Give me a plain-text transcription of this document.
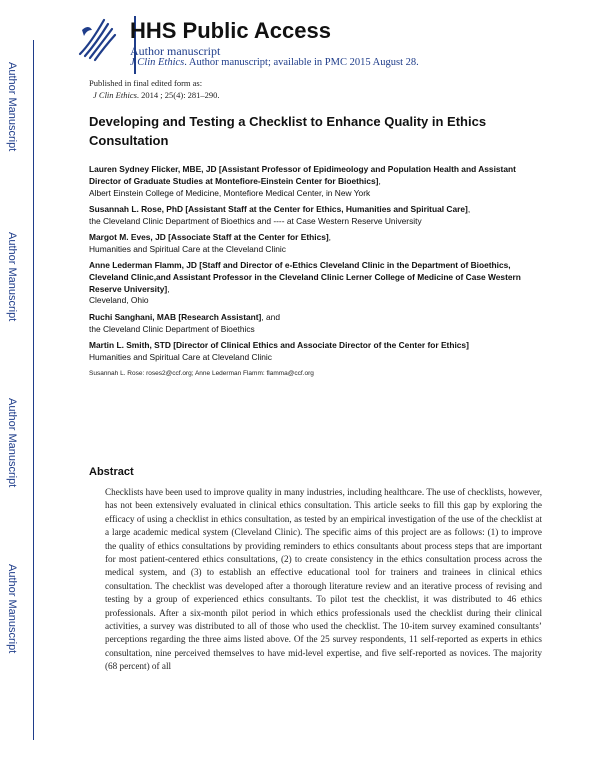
HHS Public Access
Author manuscript
J Clin Ethics. Author manuscript; available in PMC 2015 August 28.
Author Manuscript
Author Manuscript
Author Manuscript
Author Manuscript
Published in final edited form as:
J Clin Ethics. 2014 ; 25(4): 281–290.
Developing and Testing a Checklist to Enhance Quality in Ethics Consultation
Lauren Sydney Flicker, MBE, JD [Assistant Professor of Epidimeology and Population Health and Assistant Director of Graduate Studies at Montefiore-Einstein Center for Bioethics],
Albert Einstein College of Medicine, Montefiore Medical Center, in New York
Susannah L. Rose, PhD [Assistant Staff at the Center for Ethics, Humanities and Spiritual Care],
the Cleveland Clinic Department of Bioethics and ---- at Case Western Reserve University
Margot M. Eves, JD [Associate Staff at the Center for Ethics],
Humanities and Spiritual Care at the Cleveland Clinic
Anne Lederman Flamm, JD [Staff and Director of e-Ethics Cleveland Clinic in the Department of Bioethics, Cleveland Clinic,and Assistant Professor in the Cleveland Clinic Lerner College of Medicine of Case Western Reserve University],
Cleveland, Ohio
Ruchi Sanghani, MAB [Research Assistant], and
the Cleveland Clinic Department of Bioethics
Martin L. Smith, STD [Director of Clinical Ethics and Associate Director of the Center for Ethics]
Humanities and Spiritual Care at Cleveland Clinic
Susannah L. Rose: roses2@ccf.org; Anne Lederman Flamm: flamma@ccf.org
Abstract
Checklists have been used to improve quality in many industries, including healthcare. The use of checklists, however, has not been extensively evaluated in clinical ethics consultation. This article seeks to fill this gap by exploring the efficacy of using a checklist in ethics consultation, as tested by an empirical investigation of the use of the checklist at a large academic medical system (Cleveland Clinic). The specific aims of this project are as follows: (1) to improve the quality of ethics consultations by providing reminders to ethics consultants about process steps that are important for most patient-centered ethics consultations, (2) to create consistency in the ethics consultation process across the medical system, and (3) to establish an effective educational tool for trainers and trainees in clinical ethics consultation. The checklist was developed after a thorough literature review and an iterative process of revising and testing by a group of experienced ethics consultants. To pilot test the checklist, it was distributed to 46 ethics professionals. After a six-month pilot period in which ethics professionals used the checklist during their clinical activities, a survey was distributed to all of those who used the checklist. The 10-item survey examined consultants’ perceptions regarding the three aims listed above. Of the 25 survey respondents, 11 self-reported as experts in ethics consultation, nine perceived themselves to have mid-level expertise, and five self-reported as novices. The majority (68 percent) of all
